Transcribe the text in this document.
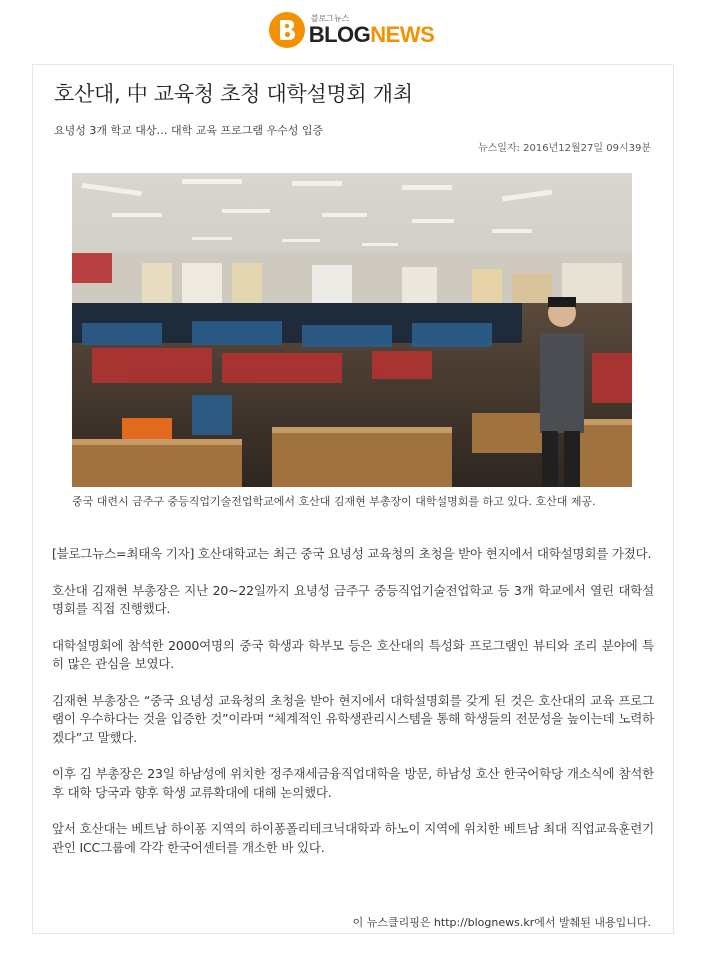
블로그뉴스
BLOGNEWS
호산대, 中 교육청 초청 대학설명회 개최

요녕성 3개 학교 대상… 대학 교육 프로그램 우수성 입증

뉴스일자: 2016년12월27일 09시39분
중국 대련시 금주구 중등직업기술전업학교에서 호산대 김재현 부총장이 대학설명회를 하고 있다. 호산대 제공.

[블로그뉴스=최태욱 기자] 호산대학교는 최근 중국 요녕성 교육청의 초청을 받아 현지에서 대학설명회를 가졌다.

호산대 김재현 부총장은 지난 20~22일까지 요녕성 금주구 중등직업기술전업학교 등 3개 학교에서 열린 대학설명회를 직접 진행했다.

대학설명회에 참석한 2000여명의 중국 학생과 학부모 등은 호산대의 특성화 프로그램인 뷰티와 조리 분야에 특히 많은 관심을 보였다.

김재현 부총장은 “중국 요녕성 교육청의 초청을 받아 현지에서 대학설명회를 갖게 된 것은 호산대의 교육 프로그램이 우수하다는 것을 입증한 것”이라며 “체계적인 유학생관리시스템을 통해 학생들의 전문성을 높이는데 노력하겠다”고 말했다.

이후 김 부총장은 23일 하남성에 위치한 정주재세금융직업대학을 방문, 하남성 호산 한국어학당 개소식에 참석한 후 대학 당국과 향후 학생 교류확대에 대해 논의했다.

앞서 호산대는 베트남 하이퐁 지역의 하이퐁폴리테크닉대학과 하노이 지역에 위치한 베트남 최대 직업교육훈련기관인 ICC그룹에 각각 한국어센터를 개소한 바 있다.

이 뉴스클리핑은 http://blognews.kr에서 발췌된 내용입니다.
